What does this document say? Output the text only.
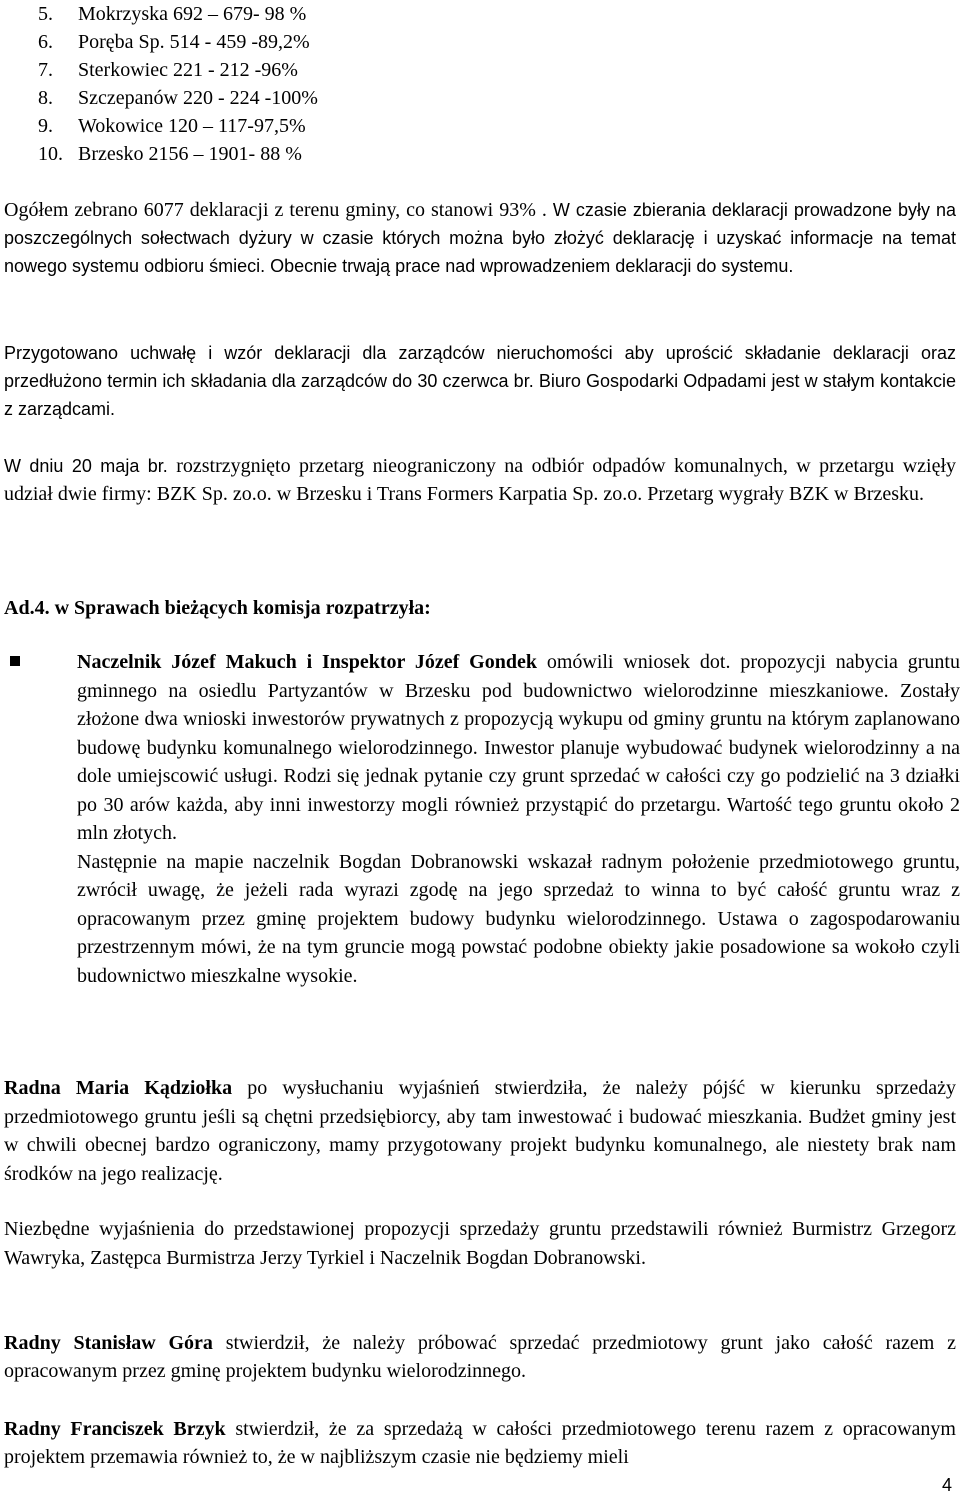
5.	Mokrzyska 692 – 679- 98 %
6.	Poręba Sp. 514 - 459 -89,2%
7.	Sterkowiec 221 - 212 -96%
8.	Szczepanów 220 - 224 -100%
9.	Wokowice 120 – 117-97,5%
10. Brzesko 2156 – 1901- 88 %

Ogółem zebrano 6077 deklaracji z terenu gminy, co stanowi 93% . W czasie zbierania deklaracji prowadzone były na poszczególnych sołectwach dyżury w czasie których można było złożyć deklarację i uzyskać informacje na temat nowego systemu odbioru śmieci. Obecnie trwają prace nad wprowadzeniem deklaracji do systemu.

Przygotowano uchwałę i wzór deklaracji dla zarządców nieruchomości aby uprościć składanie deklaracji oraz przedłużono termin ich składania dla zarządców do 30 czerwca br. Biuro Gospodarki Odpadami jest w stałym kontakcie z zarządcami.

W dniu 20 maja br. rozstrzygnięto przetarg nieograniczony na odbiór odpadów komunalnych, w przetargu wzięły udział dwie firmy: BZK Sp. zo.o. w Brzesku i Trans Formers Karpatia Sp. zo.o. Przetarg wygrały BZK w Brzesku.

Ad.4. w Sprawach bieżących komisja rozpatrzyła:

Naczelnik Józef Makuch i Inspektor Józef Gondek omówili wniosek dot. propozycji nabycia gruntu gminnego na osiedlu Partyzantów w Brzesku pod budownictwo wielorodzinne mieszkaniowe. Zostały złożone dwa wnioski inwestorów prywatnych z propozycją wykupu od gminy gruntu na którym zaplanowano budowę budynku komunalnego wielorodzinnego. Inwestor planuje wybudować budynek wielorodzinny a na dole umiejscowić usługi. Rodzi się jednak pytanie czy grunt sprzedać w całości czy go podzielić na 3 działki po 30 arów każda, aby inni inwestorzy mogli również przystąpić do przetargu. Wartość tego gruntu około 2 mln złotych.

Następnie na mapie naczelnik Bogdan Dobranowski wskazał radnym położenie przedmiotowego gruntu, zwrócił uwagę, że jeżeli rada wyrazi zgodę na jego sprzedaż to winna to być całość gruntu wraz z opracowanym przez gminę projektem budowy budynku wielorodzinnego. Ustawa o zagospodarowaniu przestrzennym mówi, że na tym gruncie mogą powstać podobne obiekty jakie posadowione sa wokoło czyli budownictwo mieszkalne wysokie.

Radna Maria Kądziołka po wysłuchaniu wyjaśnień stwierdziła, że należy pójść w kierunku sprzedaży przedmiotowego gruntu jeśli są chętni przedsiębiorcy, aby tam inwestować i budować mieszkania. Budżet gminy jest w chwili obecnej bardzo ograniczony, mamy przygotowany projekt budynku komunalnego, ale niestety brak nam środków na jego realizację.

Niezbędne wyjaśnienia do przedstawionej propozycji sprzedaży gruntu przedstawili również Burmistrz Grzegorz Wawryka, Zastępca Burmistrza Jerzy Tyrkiel i Naczelnik Bogdan Dobranowski.

Radny Stanisław Góra stwierdził, że należy próbować sprzedać przedmiotowy grunt jako całość razem z opracowanym przez gminę projektem budynku wielorodzinnego.

Radny Franciszek Brzyk stwierdził, że za sprzedażą w całości przedmiotowego terenu razem z opracowanym projektem przemawia również to, że w najbliższym czasie nie będziemy mieli

4
